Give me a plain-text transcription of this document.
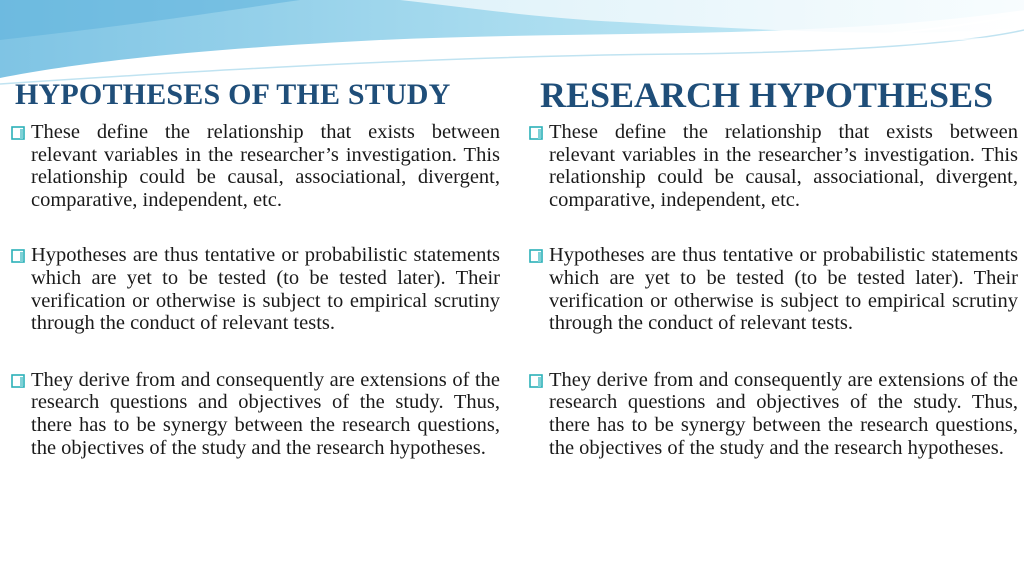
HYPOTHESES OF THE STUDY
These define the relationship that exists between relevant variables in the researcher’s investigation. This relationship could be causal, associational, divergent, comparative, independent, etc.
Hypotheses are thus tentative or probabilistic statements which are yet to be tested (to be tested later). Their verification or otherwise is subject to empirical scrutiny through the conduct of relevant tests.
They derive from and consequently are extensions of the research questions and objectives of the study. Thus, there has to be synergy between the research questions, the objectives of the study and the research hypotheses.
RESEARCH HYPOTHESES
These define the relationship that exists between relevant variables in the researcher’s investigation. This relationship could be causal, associational, divergent, comparative, independent, etc.
Hypotheses are thus tentative or probabilistic statements which are yet to be tested (to be tested later). Their verification or otherwise is subject to empirical scrutiny through the conduct of relevant tests.
They derive from and consequently are extensions of the research questions and objectives of the study. Thus, there has to be synergy between the research questions, the objectives of the study and the research hypotheses.
